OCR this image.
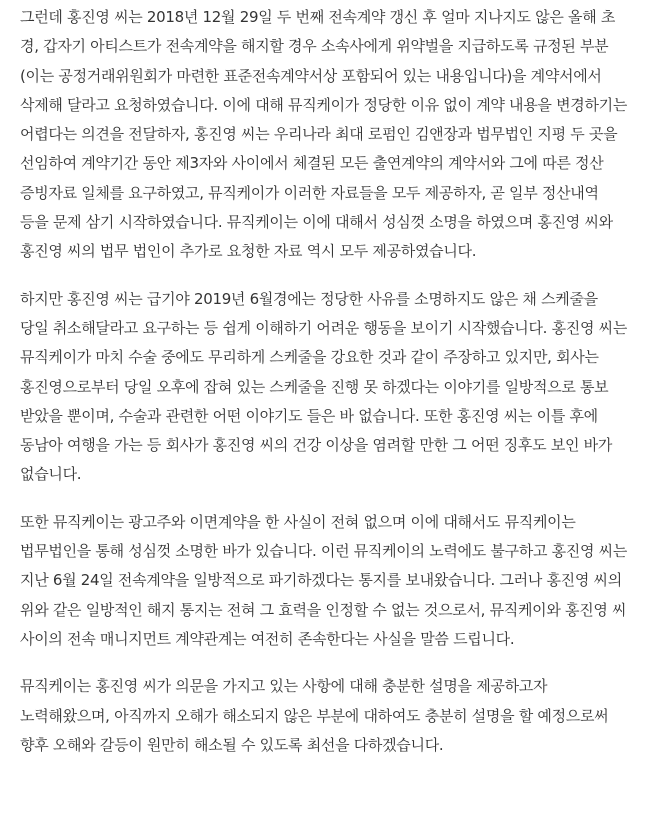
그런데 홍진영 씨는 2018년 12월 29일 두 번째 전속계약 갱신 후 얼마 지나지도 않은 올해 초 경, 갑자기 아티스트가 전속계약을 해지할 경우 소속사에게 위약벌을 지급하도록 규정된 부분(이는 공정거래위원회가 마련한 표준전속계약서상 포함되어 있는 내용입니다)을 계약서에서 삭제해 달라고 요청하였습니다. 이에 대해 뮤직케이가 정당한 이유 없이 계약 내용을 변경하기는 어렵다는 의견을 전달하자, 홍진영 씨는 우리나라 최대 로펌인 김앤장과 법무법인 지평 두 곳을 선임하여 계약기간 동안 제3자와 사이에서 체결된 모든 출연계약의 계약서와 그에 따른 정산 증빙자료 일체를 요구하였고, 뮤직케이가 이러한 자료들을 모두 제공하자, 곧 일부 정산내역 등을 문제 삼기 시작하였습니다. 뮤직케이는 이에 대해서 성심껏 소명을 하였으며 홍진영 씨와 홍진영 씨의 법무 법인이 추가로 요청한 자료 역시 모두 제공하였습니다.

하지만 홍진영 씨는 급기야 2019년 6월경에는 정당한 사유를 소명하지도 않은 채 스케줄을 당일 취소해달라고 요구하는 등 쉽게 이해하기 어려운 행동을 보이기 시작했습니다. 홍진영 씨는 뮤직케이가 마치 수술 중에도 무리하게 스케줄을 강요한 것과 같이 주장하고 있지만, 회사는 홍진영으로부터 당일 오후에 잡혀 있는 스케줄을 진행 못 하겠다는 이야기를 일방적으로 통보 받았을 뿐이며, 수술과 관련한 어떤 이야기도 들은 바 없습니다. 또한 홍진영 씨는 이틀 후에 동남아 여행을 가는 등 회사가 홍진영 씨의 건강 이상을 염려할 만한 그 어떤 징후도 보인 바가 없습니다.

또한 뮤직케이는 광고주와 이면계약을 한 사실이 전혀 없으며 이에 대해서도 뮤직케이는 법무법인을 통해 성심껏 소명한 바가 있습니다. 이런 뮤직케이의 노력에도 불구하고 홍진영 씨는 지난 6월 24일 전속계약을 일방적으로 파기하겠다는 통지를 보내왔습니다. 그러나 홍진영 씨의 위와 같은 일방적인 해지 통지는 전혀 그 효력을 인정할 수 없는 것으로서, 뮤직케이와 홍진영 씨 사이의 전속 매니지먼트 계약관계는 여전히 존속한다는 사실을 말씀 드립니다.

뮤직케이는 홍진영 씨가 의문을 가지고 있는 사항에 대해 충분한 설명을 제공하고자 노력해왔으며, 아직까지 오해가 해소되지 않은 부분에 대하여도 충분히 설명을 할 예정으로써 향후 오해와 갈등이 원만히 해소될 수 있도록 최선을 다하겠습니다.
